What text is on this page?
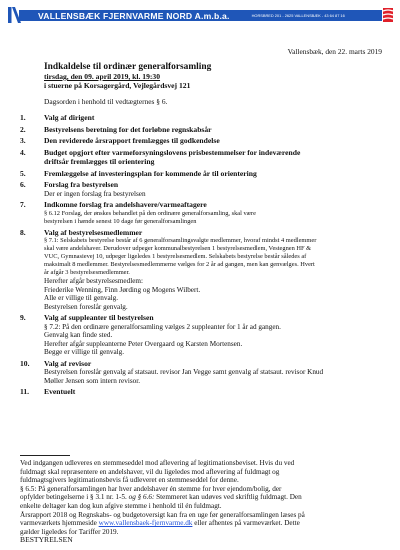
VALLENSBÆK FJERNVARME NORD A.m.b.a.	HORSBRED 201 - 2625 VALLENSBÆK - 43 64 87 16
Vallensbæk, den 22. marts 2019
Indkaldelse til ordinær generalforsamling
tirsdag, den 09. april 2019, kl. 19:30
i stuerne på Korsagergård, Vejlegårdsvej 121
Dagsorden i henhold til vedtægternes § 6.
1.	Valg af dirigent
2.	Bestyrelsens beretning for det forløbne regnskabsår
3.	Den reviderede årsrapport fremlægges til godkendelse
4.	Budget opgjort efter varmeforsyningslovens prisbestemmelser for indeværende
driftsår fremlægges til orientering
5.	Fremlæggelse af investeringsplan for kommende år til orientering
6.	Forslag fra bestyrelsen
Der er ingen forslag fra bestyrelsen
7.	Indkomne forslag fra andelshavere/varmeaftagere
§ 6.12 Forslag, der ønskes behandlet på den ordinære generalforsamling, skal være
bestyrelsen i hænde senest 10 dage før generalforsamlingen
8.	Valg af bestyrelsesmedlemmer
§ 7.1: Selskabets bestyrelse består af 6 generalforsamlingsvalgte medlemmer, hvoraf mindst 4 medlemmer
skal være andelshaver. Derudover udpeger kommunalbestyrelsen 1 bestyrelsesmedlem, Vestegnen HF &
VUC, Gymnasievej 10, udpeger ligeledes 1 bestyrelsesmedlem. Selskabets bestyrelse består således af
maksimalt 8 medlemmer. Bestyrelsesmedlemmerne vælges for 2 år ad gangen, men kan genvælges. Hvert
år afgår 3 bestyrelsesmedlemmer.
Herefter afgår bestyrelsesmedlem:
Friederike Wenning, Finn Jørding og Mogens Wilbert.
Alle er villige til genvalg.
Bestyrelsen foreslår genvalg.
9.	Valg af suppleanter til bestyrelsen
§ 7.2: På den ordinære generalforsamling vælges 2 suppleanter for 1 år ad gangen.
Genvalg kan finde sted.
Herefter afgår suppleanterne Peter Overgaard og Karsten Mortensen.
Begge er villige til genvalg.
10.	Valg af revisor
Bestyrelsen foreslår genvalg af statsaut. revisor Jan Vegge samt genvalg af statsaut. revisor Knud
Møller Jensen som intern revisor.
11.	Eventuelt
Ved indgangen udleveres en stemmeseddel mod aflevering af legitimationsbeviset. Hvis du ved
fuldmagt skal repræsentere en andelshaver, vil du ligeledes mod aflevering af fuldmagt og
fuldmagtsgivers legitimationsbevis få udleveret en stemmeseddel for denne.
§ 6.5: På generalforsamlingen har hver andelshaver én stemme for hver ejendom/bolig, der
opfylder betingelserne i § 3.1 nr. 1-5. og § 6.6: Stemmeret kan udøves ved skriftlig fuldmagt. Den
enkelte deltager kan dog kun afgive stemme i henhold til én fuldmagt.
Årsrapport 2018 og Regnskabs- og budgetoversigt kan fra en uge før generalforsamlingen læses på
varmeværkets hjemmeside www.vallensbaek-fjernvarme.dk eller afhentes på varmeværket. Dette
gælder ligeledes for Tariffer 2019.
BESTYRELSEN
